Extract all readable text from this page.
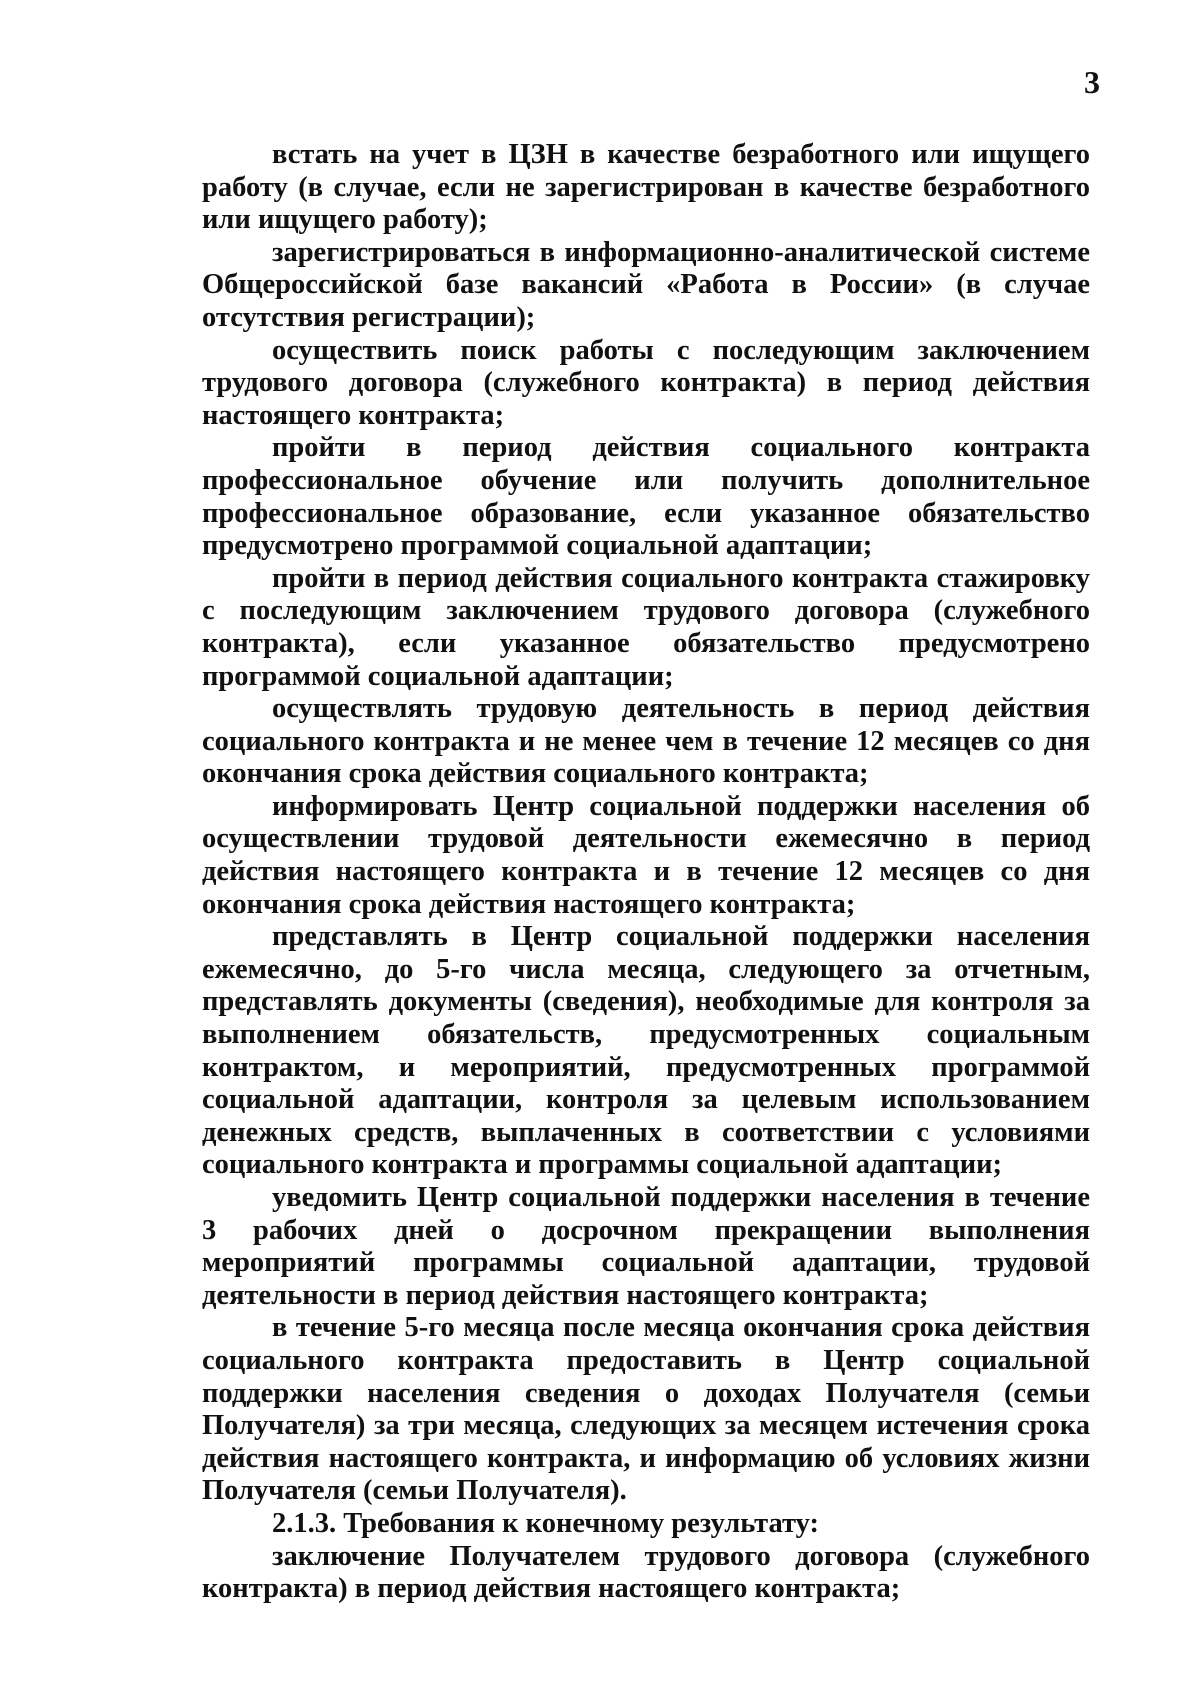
3

встать на учет в ЦЗН в качестве безработного или ищущего работу (в случае, если не зарегистрирован в качестве безработного или ищущего работу);

зарегистрироваться в информационно-аналитической системе Общероссийской базе вакансий «Работа в России» (в случае отсутствия регистрации);

осуществить поиск работы с последующим заключением трудового договора (служебного контракта) в период действия настоящего контракта;

пройти в период действия социального контракта профессиональное обучение или получить дополнительное профессиональное образование, если указанное обязательство предусмотрено программой социальной адаптации;

пройти в период действия социального контракта стажировку с последующим заключением трудового договора (служебного контракта), если указанное обязательство предусмотрено программой социальной адаптации;

осуществлять трудовую деятельность в период действия социального контракта и не менее чем в течение 12 месяцев со дня окончания срока действия социального контракта;

информировать Центр социальной поддержки населения об осуществлении трудовой деятельности ежемесячно в период действия настоящего контракта и в течение 12 месяцев со дня окончания срока действия настоящего контракта;

представлять в Центр социальной поддержки населения ежемесячно, до 5-го числа месяца, следующего за отчетным, представлять документы (сведения), необходимые для контроля за выполнением обязательств, предусмотренных социальным контрактом, и мероприятий, предусмотренных программой социальной адаптации, контроля за целевым использованием денежных средств, выплаченных в соответствии с условиями социального контракта и программы социальной адаптации;

уведомить Центр социальной поддержки населения в течение 3 рабочих дней о досрочном прекращении выполнения мероприятий программы социальной адаптации, трудовой деятельности в период действия настоящего контракта;

в течение 5-го месяца после месяца окончания срока действия социального контракта предоставить в Центр социальной поддержки населения сведения о доходах Получателя (семьи Получателя) за три месяца, следующих за месяцем истечения срока действия настоящего контракта, и информацию об условиях жизни Получателя (семьи Получателя).

2.1.3. Требования к конечному результату:

заключение Получателем трудового договора (служебного контракта) в период действия настоящего контракта;
